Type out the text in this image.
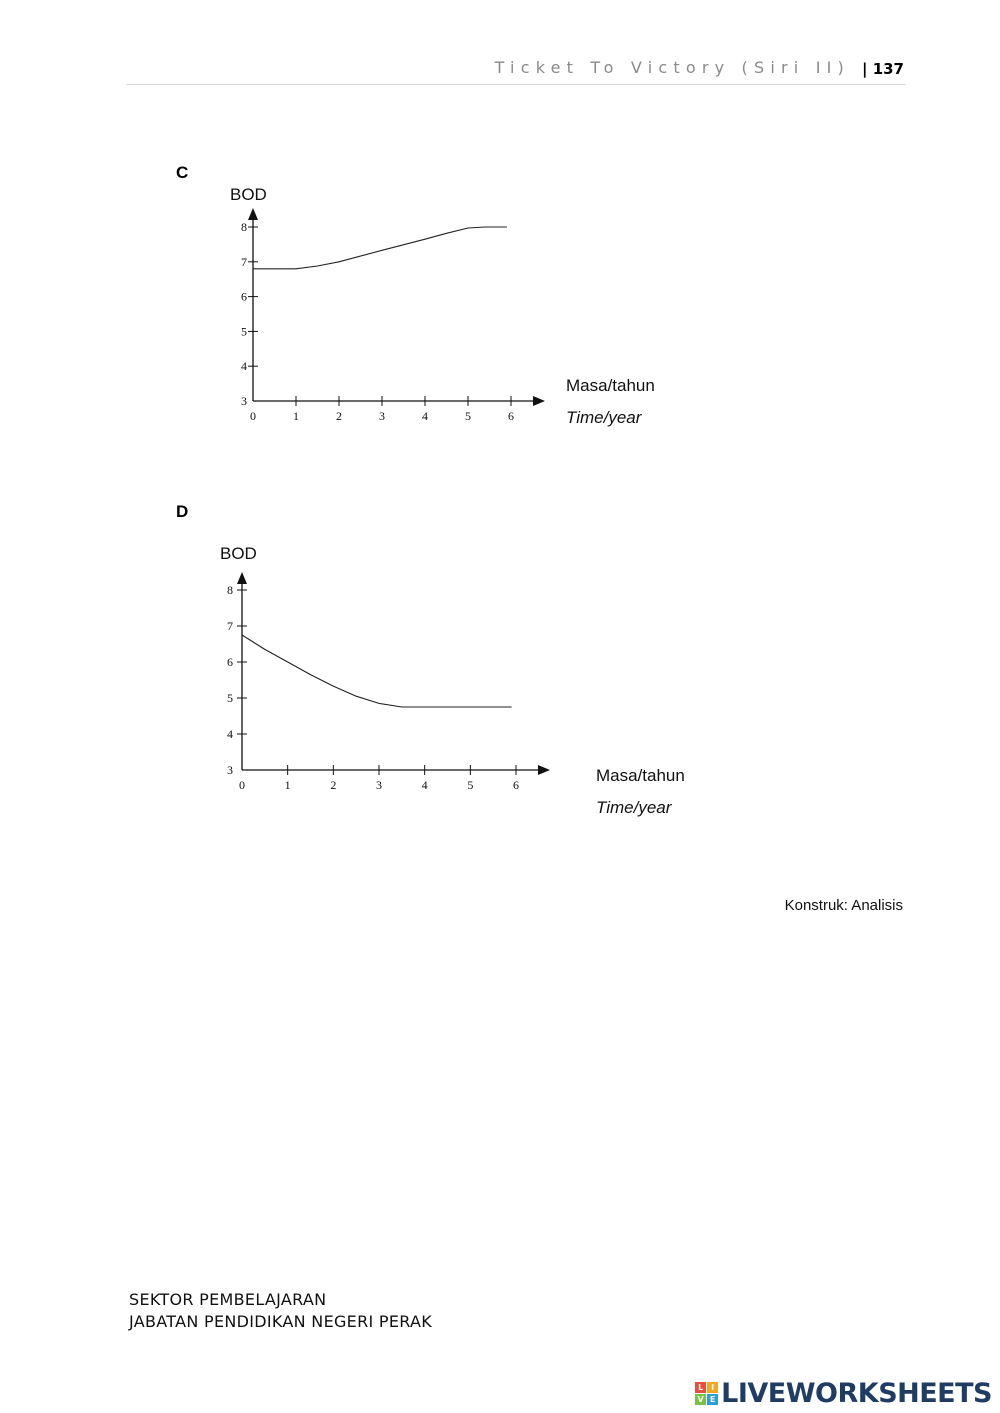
Ticket To Victory (Siri II) | 137
C
D
0	1	2	3	4	5	6
3
4
5
6
7
8
BOD
Masa/tahun
Time/year
0	1	2	3	4	5	6
3
4
5
6
7
8
BOD
Masa/tahun
Time/year
Konstruk: Analisis
SEKTOR PEMBELAJARAN
JABATAN PENDIDIKAN NEGERI PERAK
L I
V E LIVEWORKSHEETS
